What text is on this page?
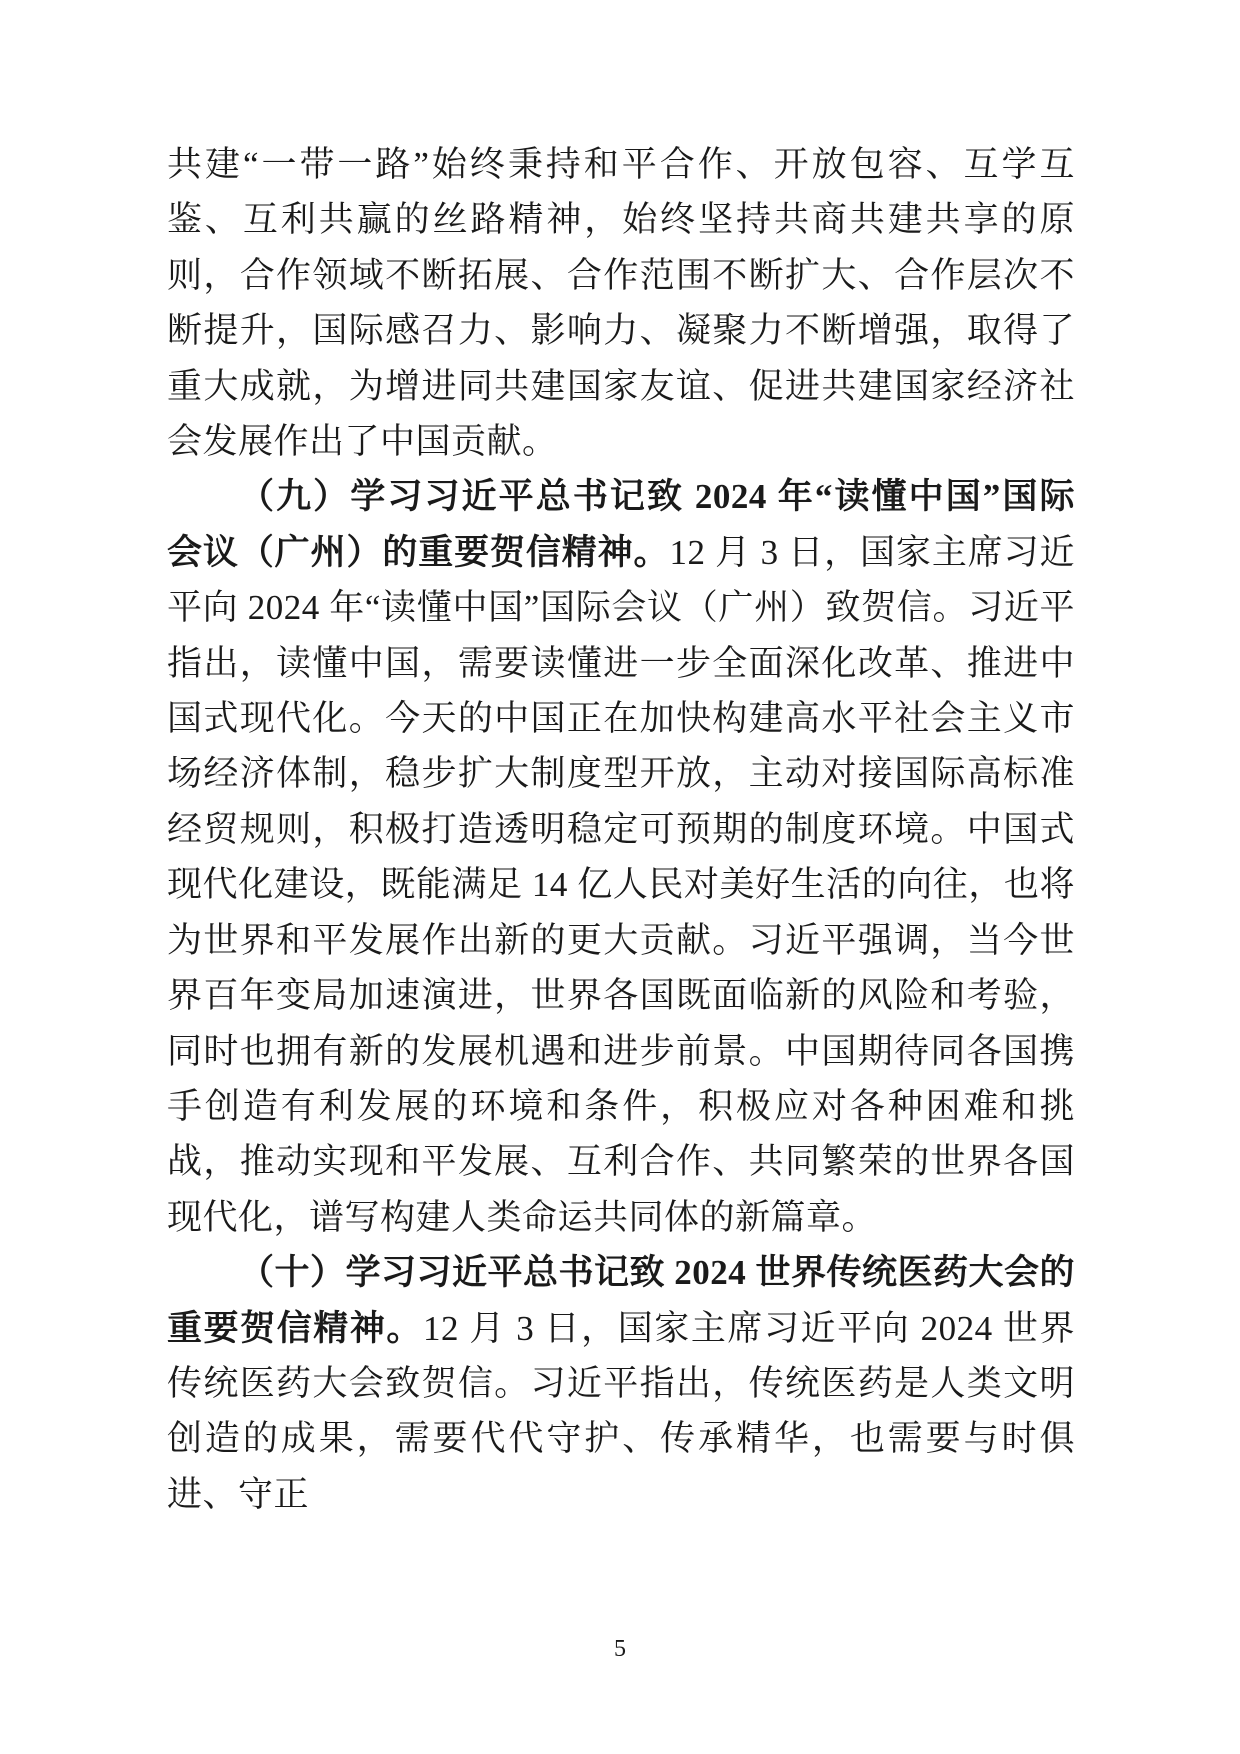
共建“一带一路”始终秉持和平合作、开放包容、互学互鉴、互利共赢的丝路精神，始终坚持共商共建共享的原则，合作领域不断拓展、合作范围不断扩大、合作层次不断提升，国际感召力、影响力、凝聚力不断增强，取得了重大成就，为增进同共建国家友谊、促进共建国家经济社会发展作出了中国贡献。

（九）学习习近平总书记致 2024 年“读懂中国”国际会议（广州）的重要贺信精神。12 月 3 日，国家主席习近平向 2024 年“读懂中国”国际会议（广州）致贺信。习近平指出，读懂中国，需要读懂进一步全面深化改革、推进中国式现代化。今天的中国正在加快构建高水平社会主义市场经济体制，稳步扩大制度型开放，主动对接国际高标准经贸规则，积极打造透明稳定可预期的制度环境。中国式现代化建设，既能满足 14 亿人民对美好生活的向往，也将为世界和平发展作出新的更大贡献。习近平强调，当今世界百年变局加速演进，世界各国既面临新的风险和考验，同时也拥有新的发展机遇和进步前景。中国期待同各国携手创造有利发展的环境和条件，积极应对各种困难和挑战，推动实现和平发展、互利合作、共同繁荣的世界各国现代化，谱写构建人类命运共同体的新篇章。

（十）学习习近平总书记致 2024 世界传统医药大会的重要贺信精神。12 月 3 日，国家主席习近平向 2024 世界传统医药大会致贺信。习近平指出，传统医药是人类文明创造的成果，需要代代守护、传承精华，也需要与时俱进、守正

5
